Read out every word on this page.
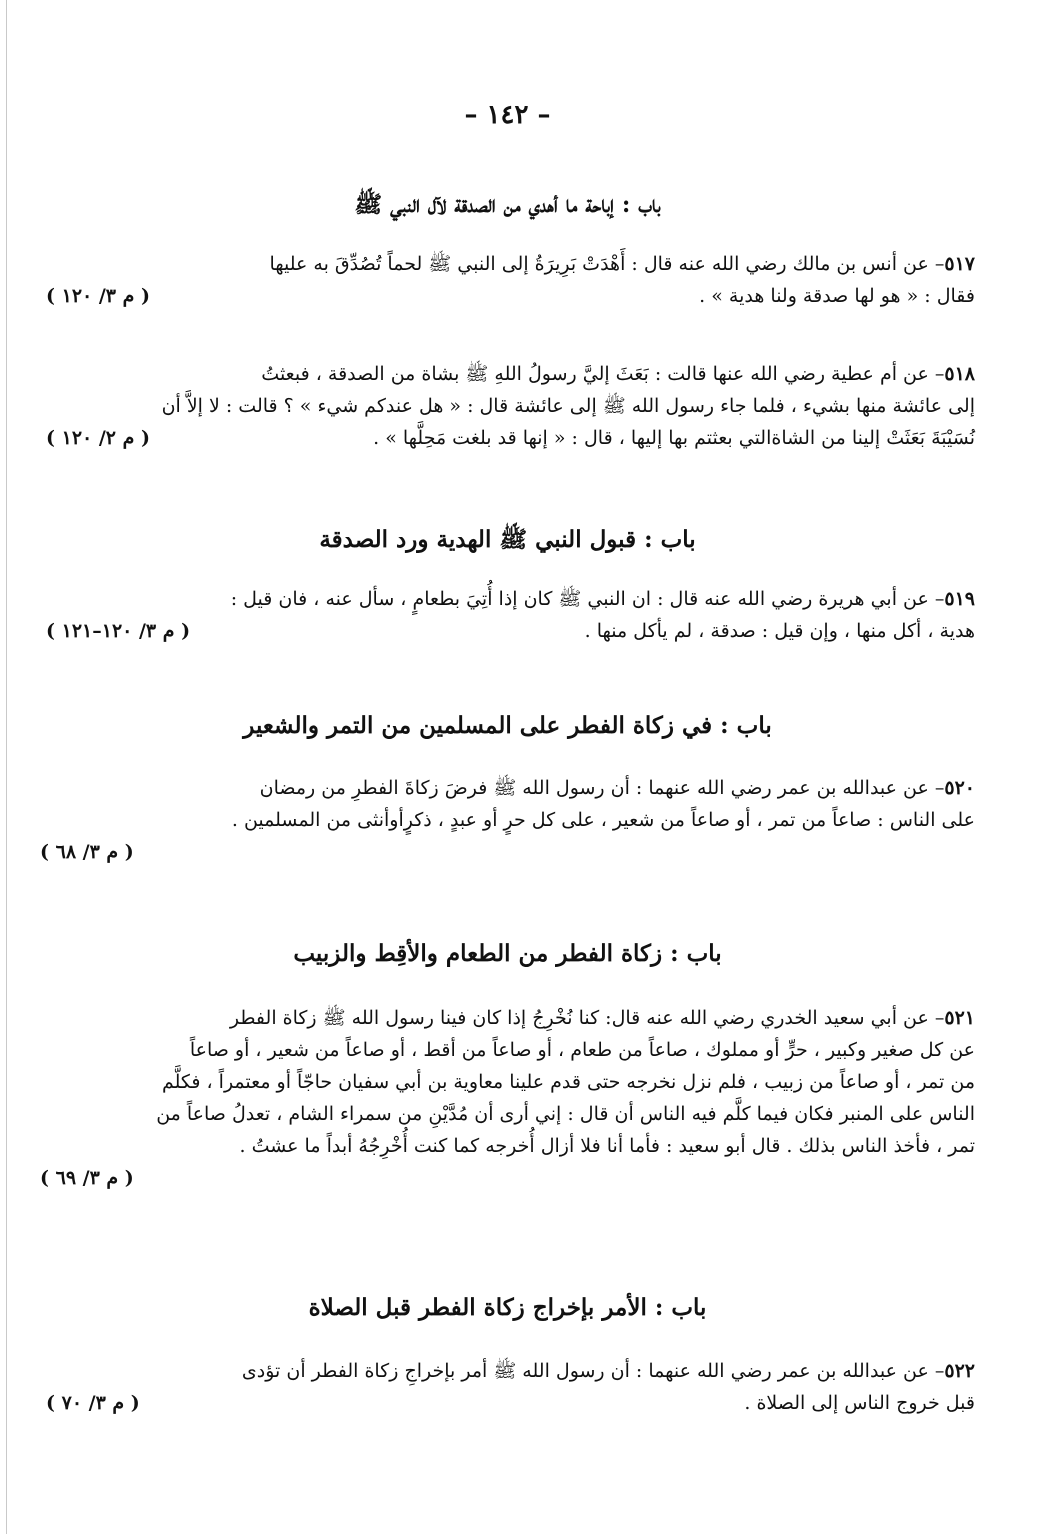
– ١٤٢ –
باب : إباحة ما أهدي من الصدقة لآل النبي ﷺ

٥١٧– عن أنس بن مالك رضي الله عنه قال : أَهْدَتْ بَرِيرَةُ إلى النبي ﷺ لحماً تُصُدِّقَ به عليها

فقال : « هو لها صدقة ولنا هدية » .
( م ٣/ ١٢٠ )

٥١٨– عن أم عطية رضي الله عنها قالت : بَعَثَ إليَّ رسولُ اللهِ ﷺ بشاة من الصدقة ، فبعثتُ

إلى عائشة منها بشيء ، فلما جاء رسول الله ﷺ إلى عائشة قال : « هل عندكم شيء » ؟ قالت : لا إلاَّ أن

نُسَيْبَةَ بَعَثَتْ إلينا من الشاةالتي بعثتم بها إليها ، قال : « إنها قد بلغت مَحِلَّها » .
( م ٢/ ١٢٠ )
باب : قبول النبي ﷺ الهدية ورد الصدقة

٥١٩– عن أبي هريرة رضي الله عنه قال : ان النبي ﷺ كان إذا أُتِيَ بطعامٍ ، سأل عنه ، فان قيل :

هدية ، أكل منها ، وإن قيل : صدقة ، لم يأكل منها .
( م ٣/ ١٢٠–١٢١ )
باب : في زكاة الفطر على المسلمين من التمر والشعير

٥٢٠– عن عبدالله بن عمر رضي الله عنهما : أن رسول الله ﷺ فرضَ زكاةَ الفطرِ من رمضان

على الناس : صاعاً من تمر ، أو صاعاً من شعير ، على كل حرٍ أو عبدٍ ، ذكرٍأوأنثى من المسلمين .

( م ٣/ ٦٨ )
باب : زكاة الفطر من الطعام والأقِط والزبيب

٥٢١– عن أبي سعيد الخدري رضي الله عنه قال: كنا نُخْرِجُ إذا كان فينا رسول الله ﷺ زكاة الفطر

عن كل صغير وكبير ، حرٍّ أو مملوك ، صاعاً من طعام ، أو صاعاً من أقط ، أو صاعاً من شعير ، أو صاعاً

من تمر ، أو صاعاً من زبيب ، فلم نزل نخرجه حتى قدم علينا معاوية بن أبي سفيان حاجّاً أو معتمراً ، فكلَّم

الناس على المنبر فكان فيما كلَّم فيه الناس أن قال : إني أرى أن مُدَّيْنِ من سمراء الشام ، تعدلُ صاعاً من

تمر ، فأخذ الناس بذلك . قال أبو سعيد : فأما أنا فلا أزال أُخرجه كما كنت أُخْرِجُهُ أبداً ما عشتُ .

( م ٣/ ٦٩ )
باب : الأمر بإخراج زكاة الفطر قبل الصلاة

٥٢٢– عن عبدالله بن عمر رضي الله عنهما : أن رسول الله ﷺ أمر بإخراجِ زكاة الفطر أن تؤدى

قبل خروج الناس إلى الصلاة .
( م ٣/ ٧٠ )
